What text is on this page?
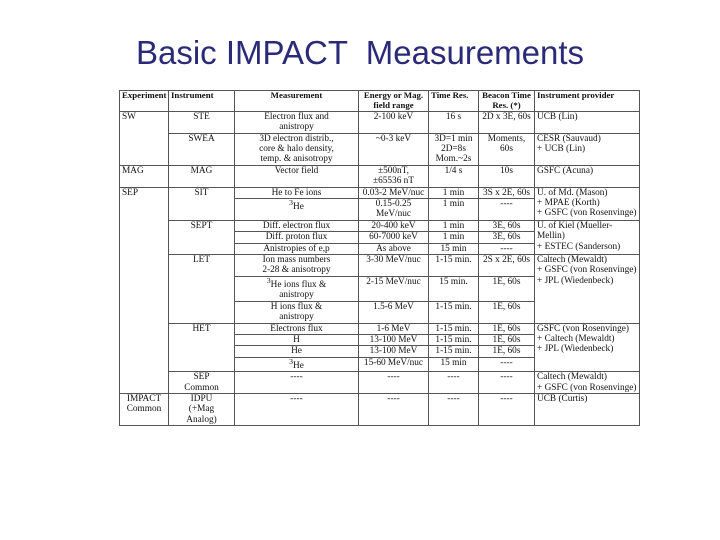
Basic IMPACT  Measurements
Experiment	Instrument	Measurement	Energy or Mag.
field range	Time Res.	Beacon Time
Res. (*)	Instrument provider

SW	STE	Electron flux and
anistropy	2-100 keV	16 s	2D x 3E, 60s	UCB (Lin)

	SWEA	3D electron distrib.,
core & halo density,
temp. & anisotropy	~0-3 keV	3D=1 min
2D=8s
Mom.~2s	Moments,
60s	CESR (Sauvaud)
+ UCB (Lin)

MAG	MAG	Vector field	±500nT,
±65536 nT	1/4 s	10s	GSFC (Acuna)

SEP	SIT	He to Fe ions	0.03-2 MeV/nuc	1 min	3S x 2E, 60s	U. of Md. (Mason)
+ MPAE (Korth)
+ GSFC (von Rosenvinge)

		$^3$He	0.15-0.25
MeV/nuc	1 min	----	

	SEPT	Diff. electron flux	20-400 keV	1 min	3E, 60s	U. of Kiel (Mueller-
Mellin)
+ ESTEC (Sanderson)

		Diff. proton flux	60-7000 keV	1 min	3E, 60s	

		Anistropies of e,p	As above	15 min	----	

	LET	Ion mass numbers
2-28 & anisotropy	3-30 MeV/nuc	1-15 min.	2S x 2E, 60s	Caltech (Mewaldt)
+ GSFC (von Rosenvinge)
+ JPL (Wiedenbeck)

		$^3$He ions flux &
anistropy	2-15 MeV/nuc	15 min.	1E, 60s	

		H ions flux &
anistropy	1.5-6 MeV	1-15 min.	1E, 60s	

	HET	Electrons flux	1-6 MeV	1-15 min.	1E, 60s	GSFC (von Rosenvinge)
+ Caltech (Mewaldt)
+ JPL (Wiedenbeck)

		H	13-100 MeV	1-15 min.	1E, 60s	

		He	13-100 MeV	1-15 min.	1E, 60s	

		$^3$He	15-60 MeV/nuc	15 min	----	

	SEP
Common	----	----	----	----	Caltech (Mewaldt)
+ GSFC (von Rosenvinge)

IMPACT
Common	IDPU
(+Mag
Analog)	----	----	----	----	UCB (Curtis)
